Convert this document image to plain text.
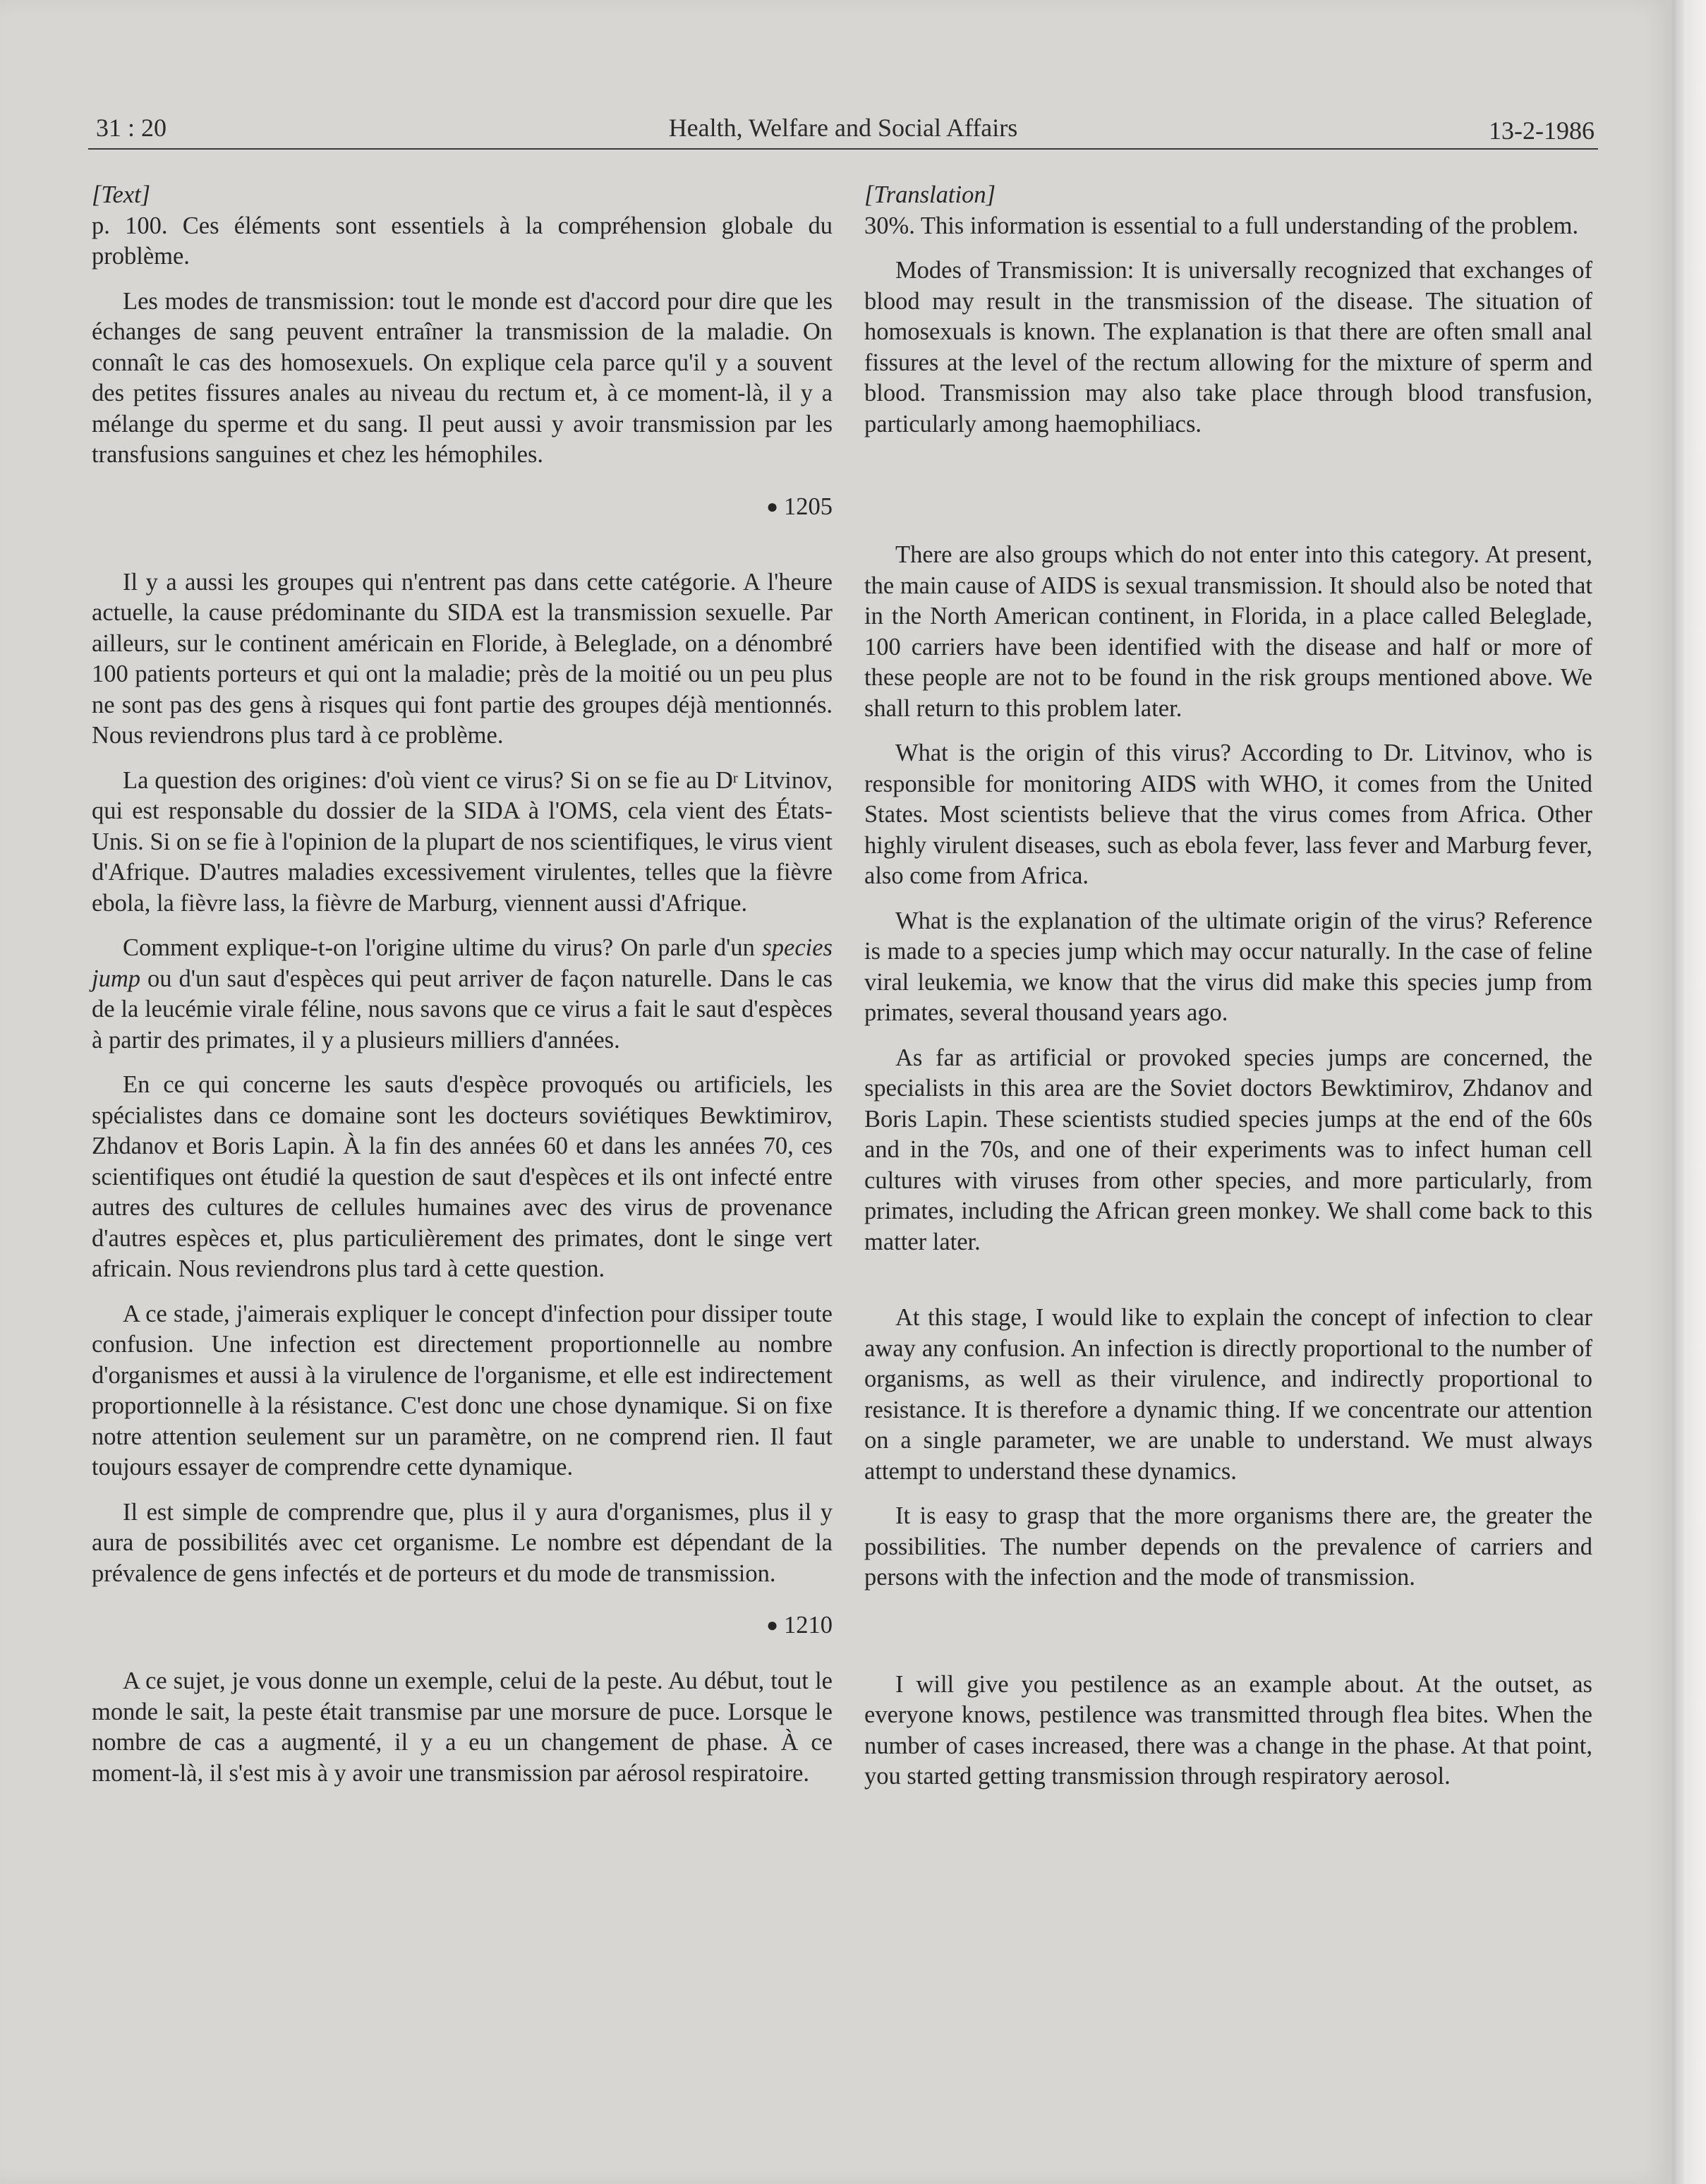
31 : 20	Health, Welfare and Social Affairs	13-2-1986

[Text]

p. 100. Ces éléments sont essentiels à la compréhension globale du problème.

Les modes de transmission: tout le monde est d'accord pour dire que les échanges de sang peuvent entraîner la transmission de la maladie. On connaît le cas des homosexuels. On explique cela parce qu'il y a souvent des petites fissures anales au niveau du rectum et, à ce moment-là, il y a mélange du sperme et du sang. Il peut aussi y avoir transmission par les transfusions sanguines et chez les hémophiles.

● 1205

Il y a aussi les groupes qui n'entrent pas dans cette catégorie. A l'heure actuelle, la cause prédominante du SIDA est la transmission sexuelle. Par ailleurs, sur le continent américain en Floride, à Beleglade, on a dénombré 100 patients porteurs et qui ont la maladie; près de la moitié ou un peu plus ne sont pas des gens à risques qui font partie des groupes déjà mentionnés. Nous reviendrons plus tard à ce problème.

La question des origines: d'où vient ce virus? Si on se fie au $D^r$ Litvinov, qui est responsable du dossier de la SIDA à l'OMS, cela vient des États-Unis. Si on se fie à l'opinion de la plupart de nos scientifiques, le virus vient d'Afrique. D'autres maladies excessivement virulentes, telles que la fièvre ebola, la fièvre lass, la fièvre de Marburg, viennent aussi d'Afrique.

Comment explique-t-on l'origine ultime du virus? On parle d'un species jump ou d'un saut d'espèces qui peut arriver de façon naturelle. Dans le cas de la leucémie virale féline, nous savons que ce virus a fait le saut d'espèces à partir des primates, il y a plusieurs milliers d'années.

En ce qui concerne les sauts d'espèce provoqués ou artificiels, les spécialistes dans ce domaine sont les docteurs soviétiques Bewktimirov, Zhdanov et Boris Lapin. À la fin des années 60 et dans les années 70, ces scientifiques ont étudié la question de saut d'espèces et ils ont infecté entre autres des cultures de cellules humaines avec des virus de provenance d'autres espèces et, plus particulièrement des primates, dont le singe vert africain. Nous reviendrons plus tard à cette question.

A ce stade, j'aimerais expliquer le concept d'infection pour dissiper toute confusion. Une infection est directement proportionnelle au nombre d'organismes et aussi à la virulence de l'organisme, et elle est indirectement proportionnelle à la résistance. C'est donc une chose dynamique. Si on fixe notre attention seulement sur un paramètre, on ne comprend rien. Il faut toujours essayer de comprendre cette dynamique.

Il est simple de comprendre que, plus il y aura d'organismes, plus il y aura de possibilités avec cet organisme. Le nombre est dépendant de la prévalence de gens infectés et de porteurs et du mode de transmission.

● 1210

A ce sujet, je vous donne un exemple, celui de la peste. Au début, tout le monde le sait, la peste était transmise par une morsure de puce. Lorsque le nombre de cas a augmenté, il y a eu un changement de phase. À ce moment-là, il s'est mis à y avoir une transmission par aérosol respiratoire.

[Translation]

30%. This information is essential to a full understanding of the problem.

Modes of Transmission: It is universally recognized that exchanges of blood may result in the transmission of the disease. The situation of homosexuals is known. The explanation is that there are often small anal fissures at the level of the rectum allowing for the mixture of sperm and blood. Transmission may also take place through blood transfusion, particularly among haemophiliacs.

There are also groups which do not enter into this category. At present, the main cause of AIDS is sexual transmission. It should also be noted that in the North American continent, in Florida, in a place called Beleglade, 100 carriers have been identified with the disease and half or more of these people are not to be found in the risk groups mentioned above. We shall return to this problem later.

What is the origin of this virus? According to Dr. Litvinov, who is responsible for monitoring AIDS with WHO, it comes from the United States. Most scientists believe that the virus comes from Africa. Other highly virulent diseases, such as ebola fever, lass fever and Marburg fever, also come from Africa.

What is the explanation of the ultimate origin of the virus? Reference is made to a species jump which may occur naturally. In the case of feline viral leukemia, we know that the virus did make this species jump from primates, several thousand years ago.

As far as artificial or provoked species jumps are concerned, the specialists in this area are the Soviet doctors Bewktimirov, Zhdanov and Boris Lapin. These scientists studied species jumps at the end of the 60s and in the 70s, and one of their experiments was to infect human cell cultures with viruses from other species, and more particularly, from primates, including the African green monkey. We shall come back to this matter later.

At this stage, I would like to explain the concept of infection to clear away any confusion. An infection is directly proportional to the number of organisms, as well as their virulence, and indirectly proportional to resistance. It is therefore a dynamic thing. If we concentrate our attention on a single parameter, we are unable to understand. We must always attempt to understand these dynamics.

It is easy to grasp that the more organisms there are, the greater the possibilities. The number depends on the prevalence of carriers and persons with the infection and the mode of transmission.

I will give you pestilence as an example about. At the outset, as everyone knows, pestilence was transmitted through flea bites. When the number of cases increased, there was a change in the phase. At that point, you started getting transmission through respiratory aerosol.
